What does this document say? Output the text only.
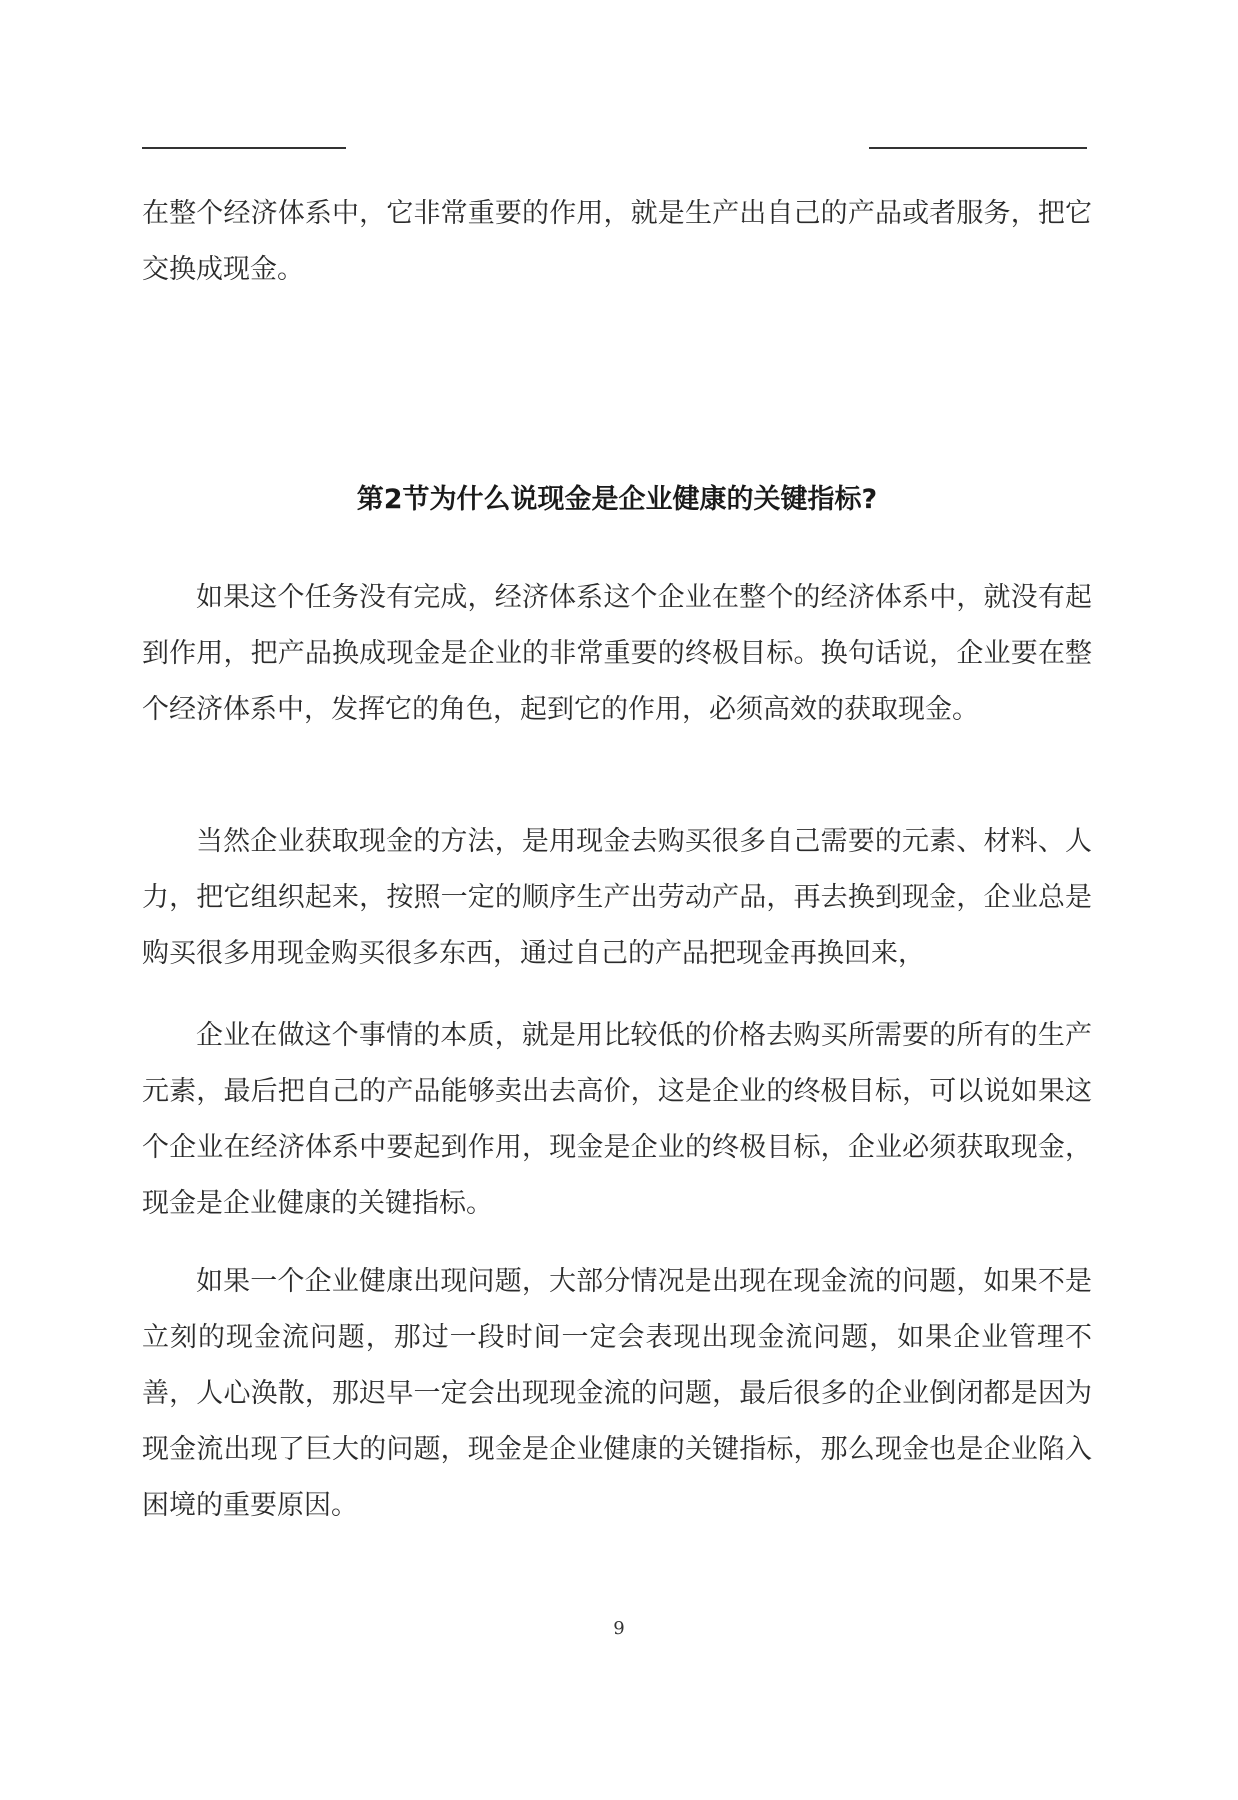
在整个经济体系中，它非常重要的作用，就是生产出自己的产品或者服务，把它交换成现金。

第2节为什么说现金是企业健康的关键指标?

如果这个任务没有完成，经济体系这个企业在整个的经济体系中，就没有起到作用，把产品换成现金是企业的非常重要的终极目标。换句话说，企业要在整个经济体系中，发挥它的角色，起到它的作用，必须高效的获取现金。

当然企业获取现金的方法，是用现金去购买很多自己需要的元素、材料、人力，把它组织起来，按照一定的顺序生产出劳动产品，再去换到现金，企业总是购买很多用现金购买很多东西，通过自己的产品把现金再换回来，

企业在做这个事情的本质，就是用比较低的价格去购买所需要的所有的生产元素，最后把自己的产品能够卖出去高价，这是企业的终极目标，可以说如果这个企业在经济体系中要起到作用，现金是企业的终极目标，企业必须获取现金，现金是企业健康的关键指标。

如果一个企业健康出现问题，大部分情况是出现在现金流的问题，如果不是立刻的现金流问题，那过一段时间一定会表现出现金流问题，如果企业管理不善，人心涣散，那迟早一定会出现现金流的问题，最后很多的企业倒闭都是因为现金流出现了巨大的问题，现金是企业健康的关键指标，那么现金也是企业陷入困境的重要原因。

9
